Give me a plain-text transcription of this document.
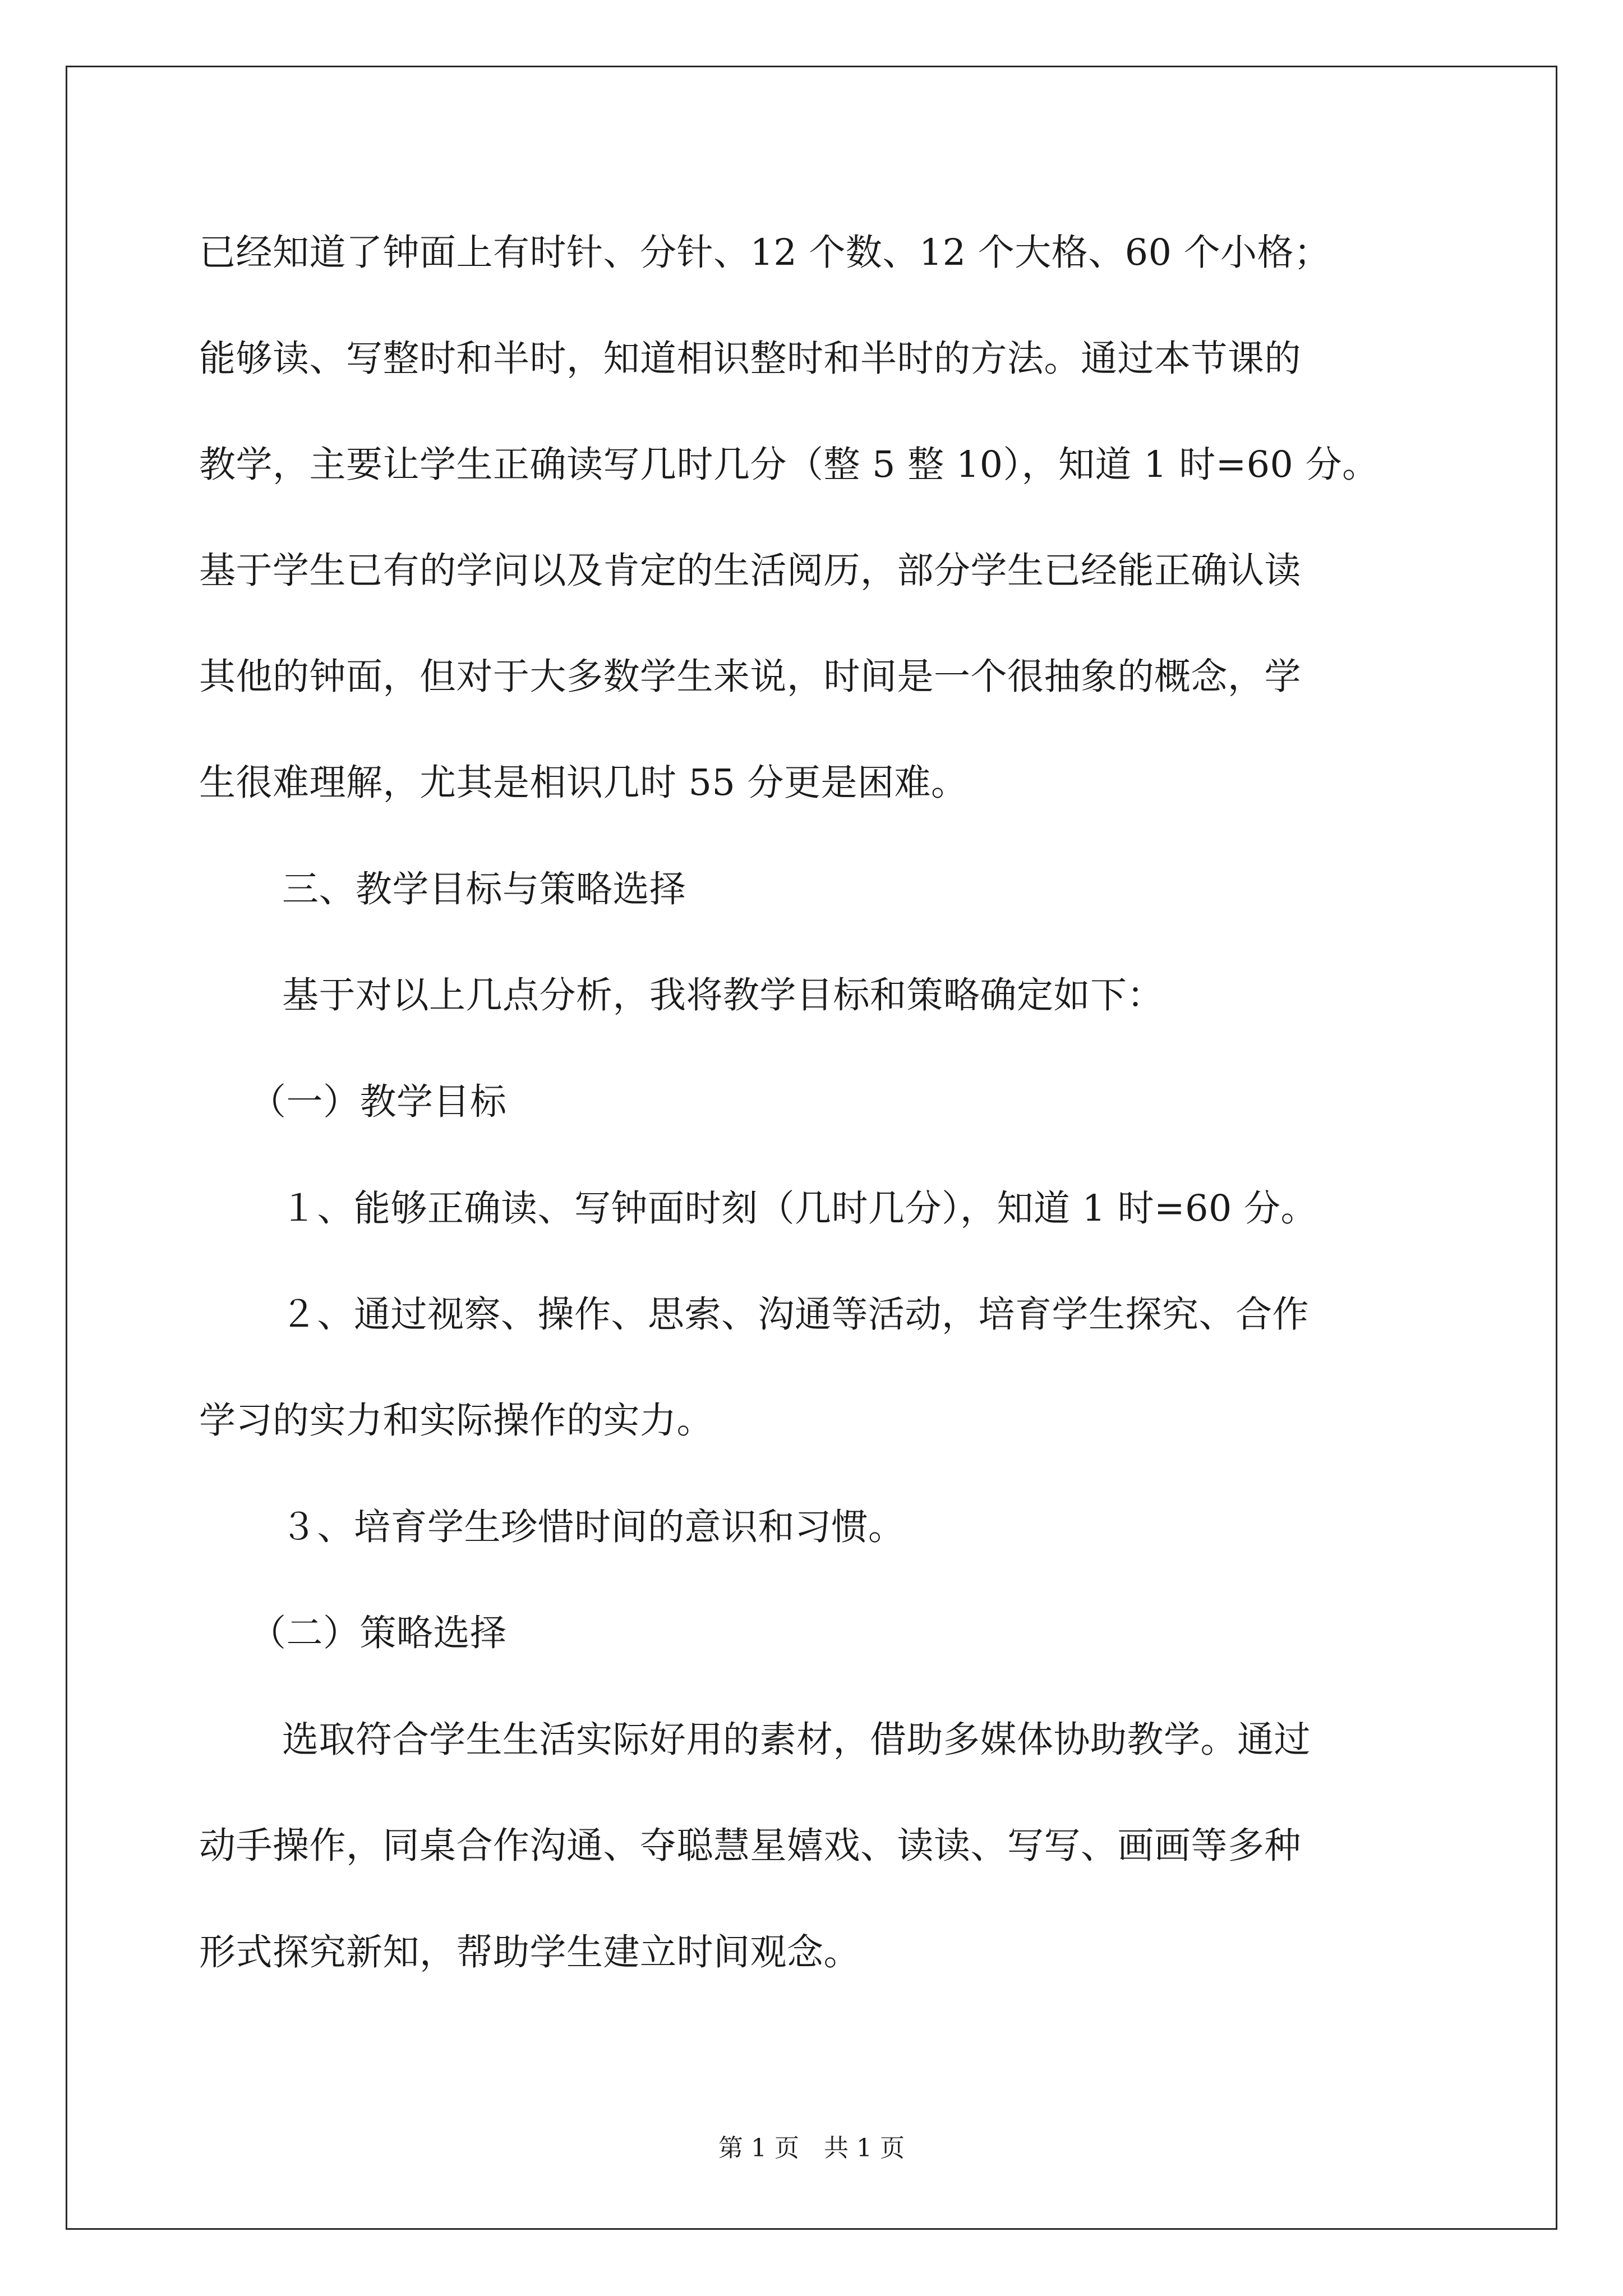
已经知道了钟面上有时针、分针、12 个数、12 个大格、60 个小格；

能够读、写整时和半时，知道相识整时和半时的方法。通过本节课的

教学，主要让学生正确读写几时几分（整 5 整 10），知道 1 时=60 分。

基于学生已有的学问以及肯定的生活阅历，部分学生已经能正确认读

其他的钟面，但对于大多数学生来说，时间是一个很抽象的概念，学

生很难理解，尤其是相识几时 55 分更是困难。

三、教学目标与策略选择

基于对以上几点分析，我将教学目标和策略确定如下：

（一）教学目标

１、能够正确读、写钟面时刻（几时几分），知道 1 时=60 分。

２、通过视察、操作、思索、沟通等活动，培育学生探究、合作

学习的实力和实际操作的实力。

３、培育学生珍惜时间的意识和习惯。

（二）策略选择

选取符合学生生活实际好用的素材，借助多媒体协助教学。通过

动手操作，同桌合作沟通、夺聪慧星嬉戏、读读、写写、画画等多种

形式探究新知，帮助学生建立时间观念。

第 1 页　共 1 页
